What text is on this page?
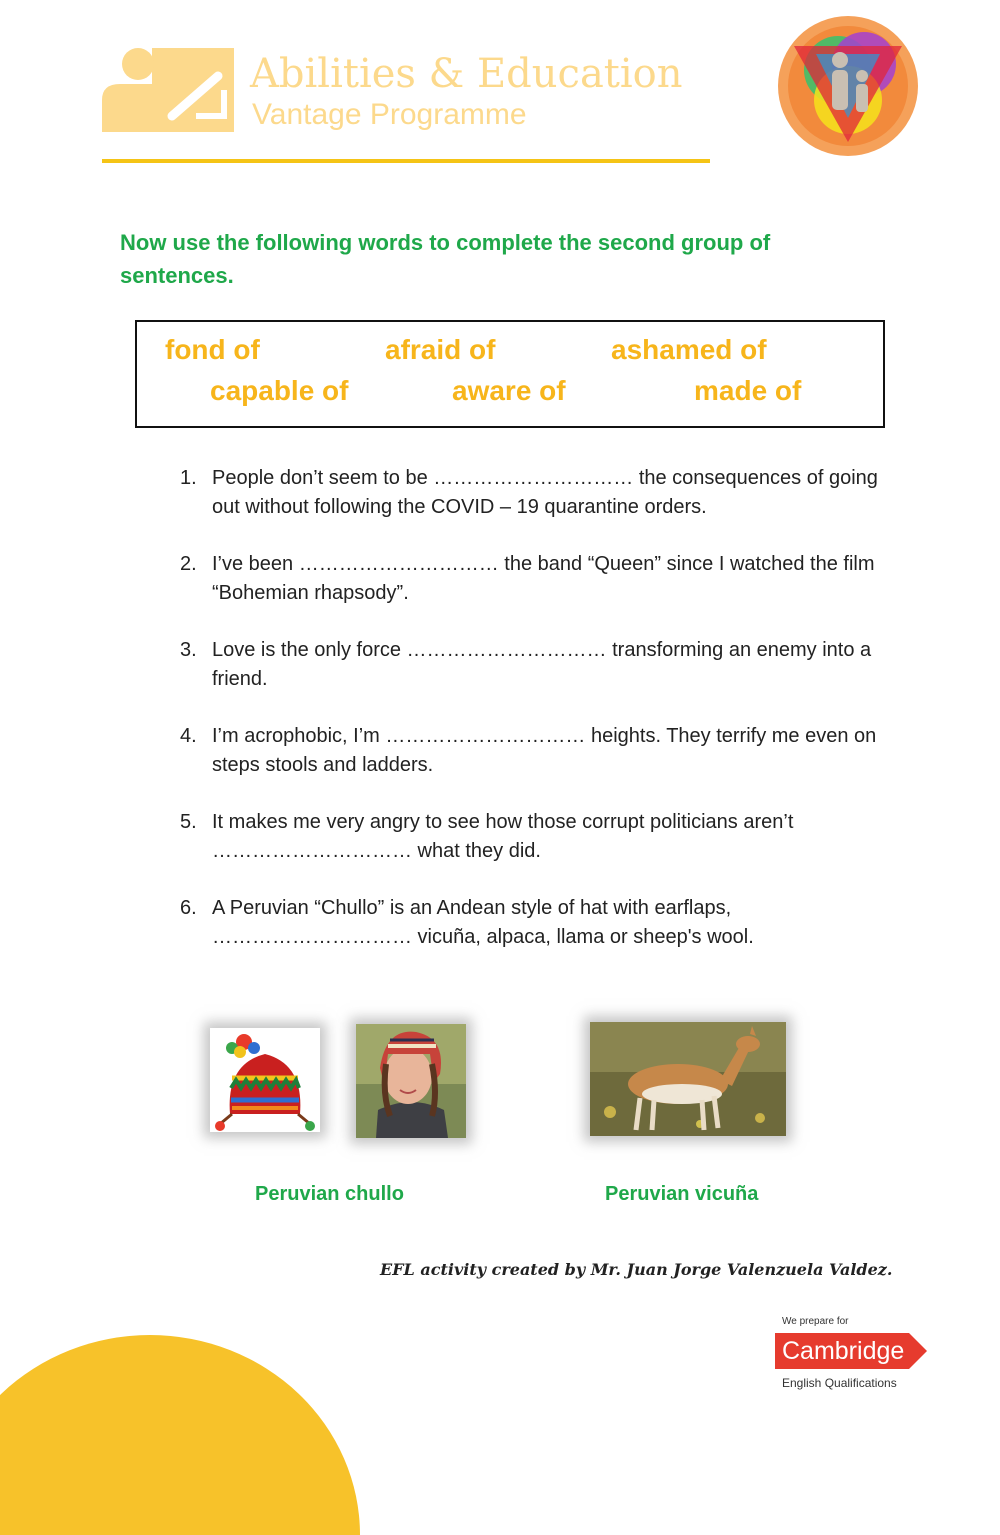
Abilities & Education
Vantage Programme
Now use the following words to complete the second group of sentences.
fond of	afraid of	ashamed of
capable of	aware of	made of
1. People don’t seem to be ………………………… the consequences of going out without following the COVID – 19 quarantine orders.
2. I’ve been ………………………… the band “Queen” since I watched the film “Bohemian rhapsody”.
3. Love is the only force ………………………… transforming an enemy into a friend.
4. I’m acrophobic, I’m ………………………… heights. They terrify me even on steps stools and ladders.
5. It makes me very angry to see how those corrupt politicians aren’t ………………………… what they did.
6. A Peruvian “Chullo” is an Andean style of hat with earflaps, ………………………… vicuña, alpaca, llama or sheep's wool.
Peruvian chullo	Peruvian vicuña
EFL activity created by Mr. Juan Jorge Valenzuela Valdez.
We prepare for
Cambridge
English Qualifications
